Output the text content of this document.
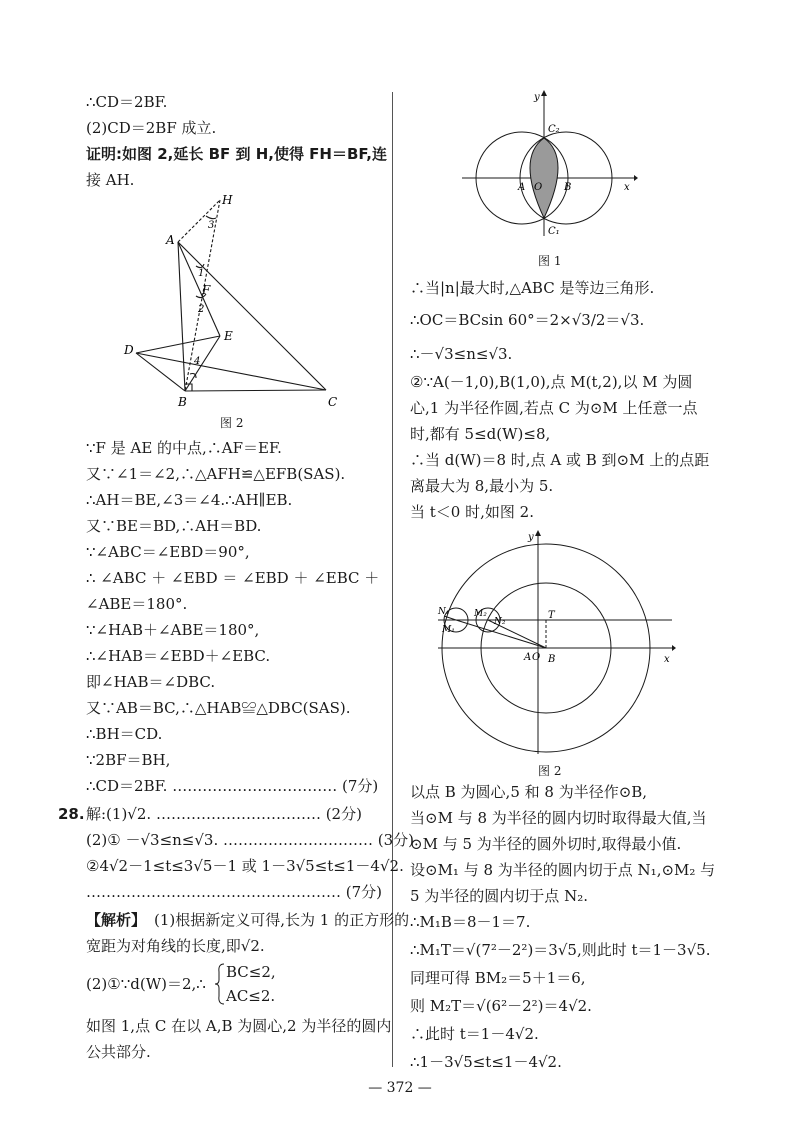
∴CD＝2BF.
(2)CD＝2BF 成立.
证明:如图 2,延长 BF 到 H,使得 FH＝BF,连
接 AH.
H
A
3
1
F
2
E
D
4
B	C
图 2
∵F 是 AE 的中点,∴AF＝EF.
又∵∠1＝∠2,∴△AFH≌△EFB(SAS).
∴AH＝BE,∠3＝∠4.∴AH∥EB.
又∵BE＝BD,∴AH＝BD.
∵∠ABC＝∠EBD＝90°,
∴ ∠ABC ＋ ∠EBD ＝ ∠EBD ＋ ∠EBC ＋
∠ABE＝180°.
∵∠HAB＋∠ABE＝180°,
∴∠HAB＝∠EBD＋∠EBC.
即∠HAB＝∠DBC.
又∵AB＝BC,∴△HAB≌△DBC(SAS).
∴BH＝CD.
∵2BF＝BH,
∴CD＝2BF. …………………………… (7分)
28. 解:(1)√2. …………………………… (2分)
(2)① －√3≤n≤√3. ………………………… (3分)
②4√2－1≤t≤3√5－1 或 1－3√5≤t≤1－4√2.
…………………………………………… (7分)
【解析】 (1)根据新定义可得,长为 1 的正方形的
宽距为对角线的长度,即√2.
(2)①∵d(W)＝2,∴
BC≤2,
AC≤2.
如图 1,点 C 在以 A,B 为圆心,2 为半径的圆内
公共部分.
y
C₂
A O B	x
C₁
图 1
∴当|n|最大时,△ABC 是等边三角形.
∴OC＝BCsin 60°＝2×√3/2＝√3.
∴－√3≤n≤√3.
②∵A(－1,0),B(1,0),点 M(t,2),以 M 为圆
心,1 为半径作圆,若点 C 为⊙M 上任意一点
时,都有 5≤d(W)≤8,
∴当 d(W)＝8 时,点 A 或 B 到⊙M 上的点距
离最大为 8,最小为 5.
当 t＜0 时,如图 2.
y
N₁	M₂
N₂
M₁
T
A O B	x
图 2
以点 B 为圆心,5 和 8 为半径作⊙B,
当⊙M 与 8 为半径的圆内切时取得最大值,当
⊙M 与 5 为半径的圆外切时,取得最小值.
设⊙M₁ 与 8 为半径的圆内切于点 N₁,⊙M₂ 与
5 为半径的圆内切于点 N₂.
∴M₁B＝8－1＝7.
∴M₁T＝√(7²－2²)＝3√5,则此时 t＝1－3√5.
同理可得 BM₂＝5＋1＝6,
则 M₂T＝√(6²－2²)＝4√2.
∴此时 t＝1－4√2.
∴1－3√5≤t≤1－4√2.
— 372 —
